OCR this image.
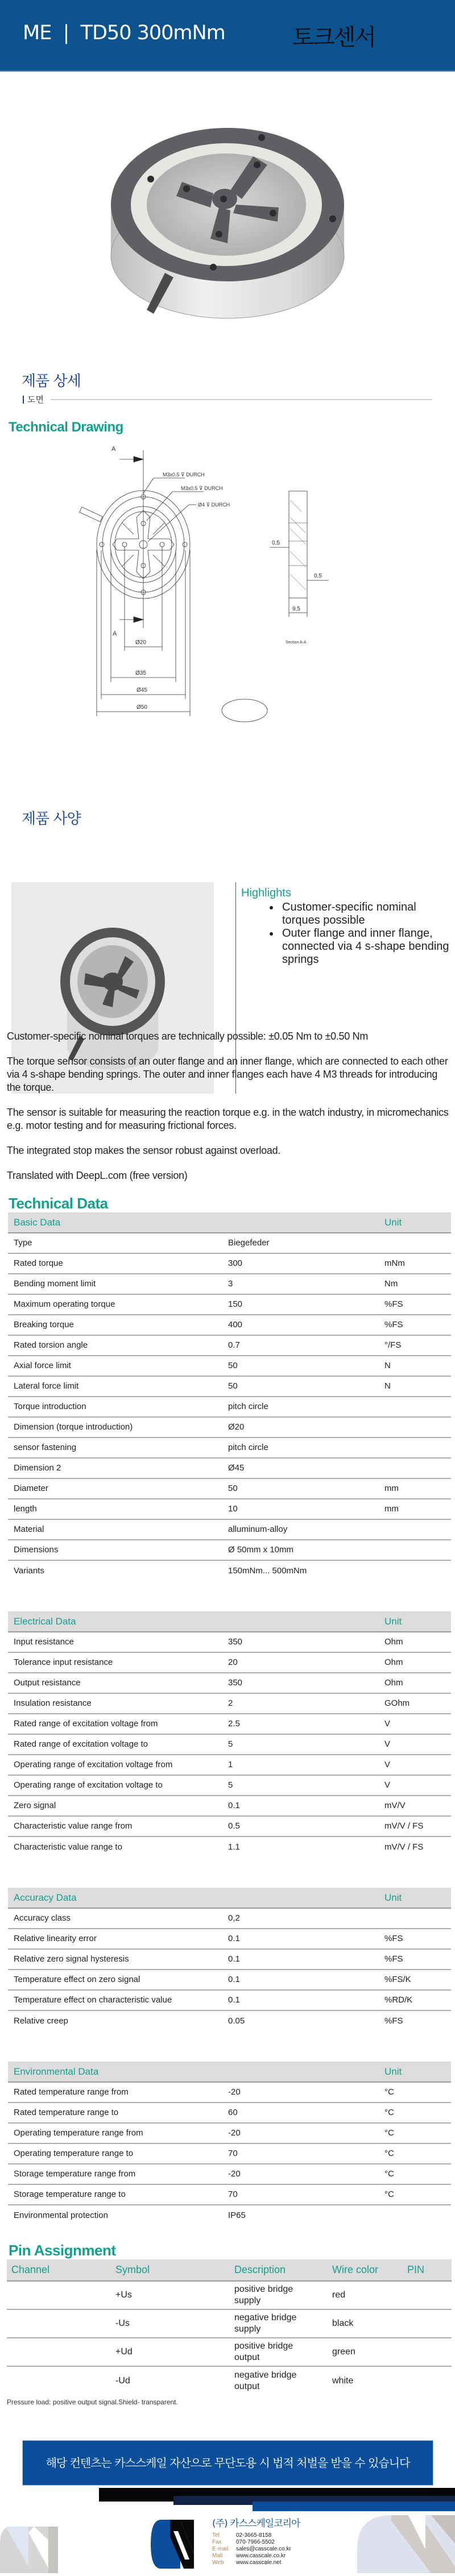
ME  |  TD50 300mNm	토크센서
제품 상세
도면
Technical Drawing
A
A
M3x0.5 ⊽ DURCH
M3x0.5 ⊽ DURCH
Ø4 ⊽ DURCH
Ø20
Ø35
Ø45
Ø50
0,5
0,5
9,5
Section A-A
제품 사양
Highlights
• Customer-specific nominal torques possible
• Outer flange and inner flange, connected via 4 s-shape bending springs
Customer-specific nominal torques are technically possible: ±0.05 Nm to ±0.50 Nm
The torque sensor consists of an outer flange and an inner flange, which are connected to each other via 4 s-shape bending springs. The outer and inner flanges each have 4 M3 threads for introducing the torque.
The sensor is suitable for measuring the reaction torque e.g. in the watch industry, in micromechanics e.g. motor testing and for measuring frictional forces.
The integrated stop makes the sensor robust against overload.
Translated with DeepL.com (free version)
Technical Data
Basic Data		Unit
Type	Biegefeder	
Rated torque	300	mNm
Bending moment limit	3	Nm
Maximum operating torque	150	%FS
Breaking torque	400	%FS
Rated torsion angle	0.7	°/FS
Axial force limit	50	N
Lateral force limit	50	N
Torque introduction	pitch circle	
Dimension (torque introduction)	Ø20	
sensor fastening	pitch circle	
Dimension 2	Ø45	
Diameter	50	mm
length	10	mm
Material	alluminum-alloy	
Dimensions	Ø 50mm x 10mm	
Variants	150mNm... 500mNm	
Electrical Data		Unit
Input resistance	350	Ohm
Tolerance input resistance	20	Ohm
Output resistance	350	Ohm
Insulation resistance	2	GOhm
Rated range of excitation voltage from	2.5	V
Rated range of excitation voltage to	5	V
Operating range of excitation voltage from	1	V
Operating range of excitation voltage to	5	V
Zero signal	0.1	mV/V
Characteristic value range from	0.5	mV/V / FS
Characteristic value range to	1.1	mV/V / FS
Accuracy Data		Unit
Accuracy class	0,2	
Relative linearity error	0.1	%FS
Relative zero signal hysteresis	0.1	%FS
Temperature effect on zero signal	0.1	%FS/K
Temperature effect on characteristic value	0.1	%RD/K
Relative creep	0.05	%FS
Environmental Data		Unit
Rated temperature range from	-20	°C
Rated temperature range to	60	°C
Operating temperature range from	-20	°C
Operating temperature range to	70	°C
Storage temperature range from	-20	°C
Storage temperature range to	70	°C
Environmental protection	IP65	
Pin Assignment
Channel	Symbol	Description	Wire color	PIN
	+Us	positive bridge supply	red	
	-Us	negative bridge supply	black	
	+Ud	positive bridge output	green	
	-Ud	negative bridge output	white	
Pressure load: positive output signal.Shield- transparent.
해당 컨텐츠는 카스스케일 자산으로 무단도용 시 법적 처벌을 받을 수 있습니다
(주) 카스스케일코리아
Tel	02-3665-8158
Fax	070-7966-5502
E-mail	sales@casscale.co.kr
Mall	www.casscale.co.kr
Web	www.casscale.net
